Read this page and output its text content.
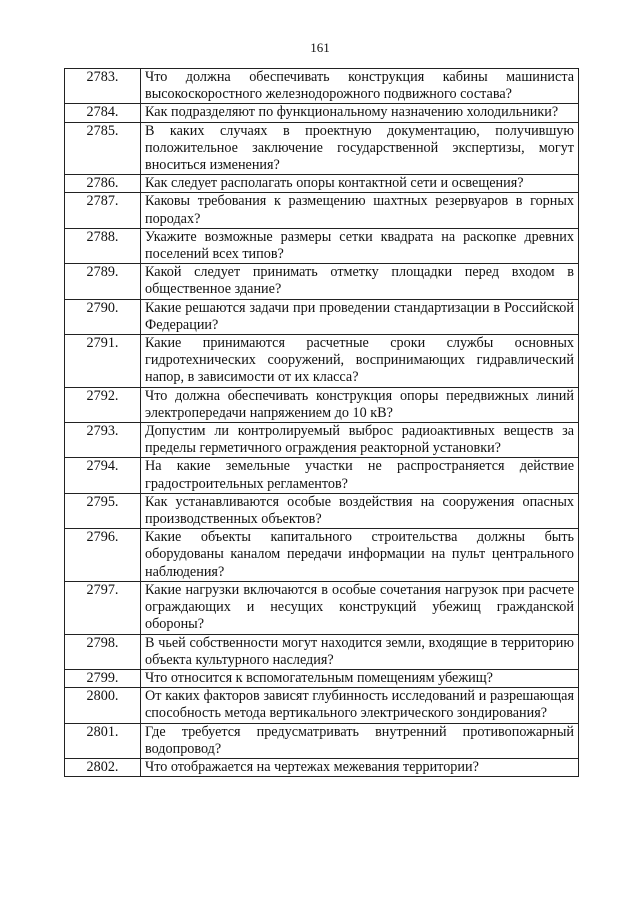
161
2783.	Что должна обеспечивать конструкция кабины машиниста высокоскоростного железнодорожного подвижного состава?
2784.	Как подразделяют по функциональному назначению холодильники?
2785.	В каких случаях в проектную документацию, получившую положительное заключение государственной экспертизы, могут вноситься изменения?
2786.	Как следует располагать опоры контактной сети и освещения?
2787.	Каковы требования к размещению шахтных резервуаров в горных породах?
2788.	Укажите возможные размеры сетки квадрата на раскопке древних поселений всех типов?
2789.	Какой следует принимать отметку площадки перед входом в общественное здание?
2790.	Какие решаются задачи при проведении стандартизации в Российской Федерации?
2791.	Какие принимаются расчетные сроки службы основных гидротехнических сооружений, воспринимающих гидравлический напор, в зависимости от их класса?
2792.	Что должна обеспечивать конструкция опоры передвижных линий электропередачи напряжением до 10 кВ?
2793.	Допустим ли контролируемый выброс радиоактивных веществ за пределы герметичного ограждения реакторной установки?
2794.	На какие земельные участки не распространяется действие градостроительных регламентов?
2795.	Как устанавливаются особые воздействия на сооружения опасных производственных объектов?
2796.	Какие объекты капитального строительства должны быть оборудованы каналом передачи информации на пульт центрального наблюдения?
2797.	Какие нагрузки включаются в особые сочетания нагрузок при расчете ограждающих и несущих конструкций убежищ гражданской обороны?
2798.	В чьей собственности могут находится земли, входящие в территорию объекта культурного наследия?
2799.	Что относится к вспомогательным помещениям убежищ?
2800.	От каких факторов зависят глубинность исследований и разрешающая способность метода вертикального электрического зондирования?
2801.	Где требуется предусматривать внутренний противопожарный водопровод?
2802.	Что отображается на чертежах межевания территории?
